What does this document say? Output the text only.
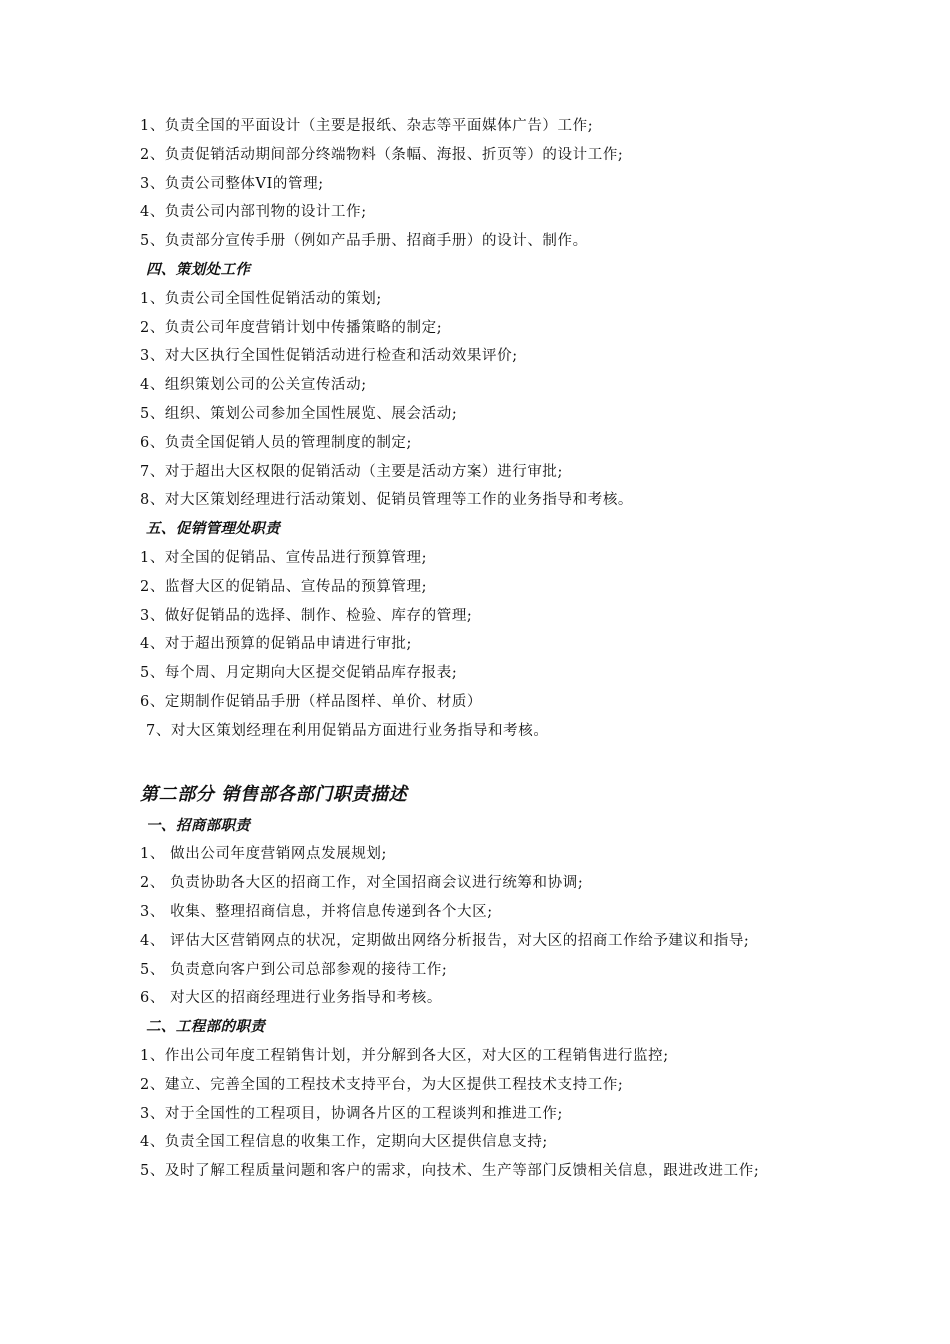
1、负责全国的平面设计（主要是报纸、杂志等平面媒体广告）工作;
2、负责促销活动期间部分终端物料（条幅、海报、折页等）的设计工作;
3、负责公司整体VI的管理;
4、负责公司内部刊物的设计工作;
5、负责部分宣传手册（例如产品手册、招商手册）的设计、制作。
四、策划处工作
1、负责公司全国性促销活动的策划;
2、负责公司年度营销计划中传播策略的制定;
3、对大区执行全国性促销活动进行检查和活动效果评价;
4、组织策划公司的公关宣传活动;
5、组织、策划公司参加全国性展览、展会活动;
6、负责全国促销人员的管理制度的制定;
7、对于超出大区权限的促销活动（主要是活动方案）进行审批;
8、对大区策划经理进行活动策划、促销员管理等工作的业务指导和考核。
五、促销管理处职责
1、对全国的促销品、宣传品进行预算管理;
2、监督大区的促销品、宣传品的预算管理;
3、做好促销品的选择、制作、检验、库存的管理;
4、对于超出预算的促销品申请进行审批;
5、每个周、月定期向大区提交促销品库存报表;
6、定期制作促销品手册（样品图样、单价、材质）
7、对大区策划经理在利用促销品方面进行业务指导和考核。
第二部分 销售部各部门职责描述
一、招商部职责
1、 做出公司年度营销网点发展规划;
2、 负责协助各大区的招商工作，对全国招商会议进行统筹和协调;
3、 收集、整理招商信息，并将信息传递到各个大区;
4、 评估大区营销网点的状况，定期做出网络分析报告，对大区的招商工作给予建议和指导;
5、 负责意向客户到公司总部参观的接待工作;
6、 对大区的招商经理进行业务指导和考核。
二、工程部的职责
1、作出公司年度工程销售计划，并分解到各大区，对大区的工程销售进行监控;
2、建立、完善全国的工程技术支持平台，为大区提供工程技术支持工作;
3、对于全国性的工程项目，协调各片区的工程谈判和推进工作;
4、负责全国工程信息的收集工作，定期向大区提供信息支持;
5、及时了解工程质量问题和客户的需求，向技术、生产等部门反馈相关信息，跟进改进工作;
